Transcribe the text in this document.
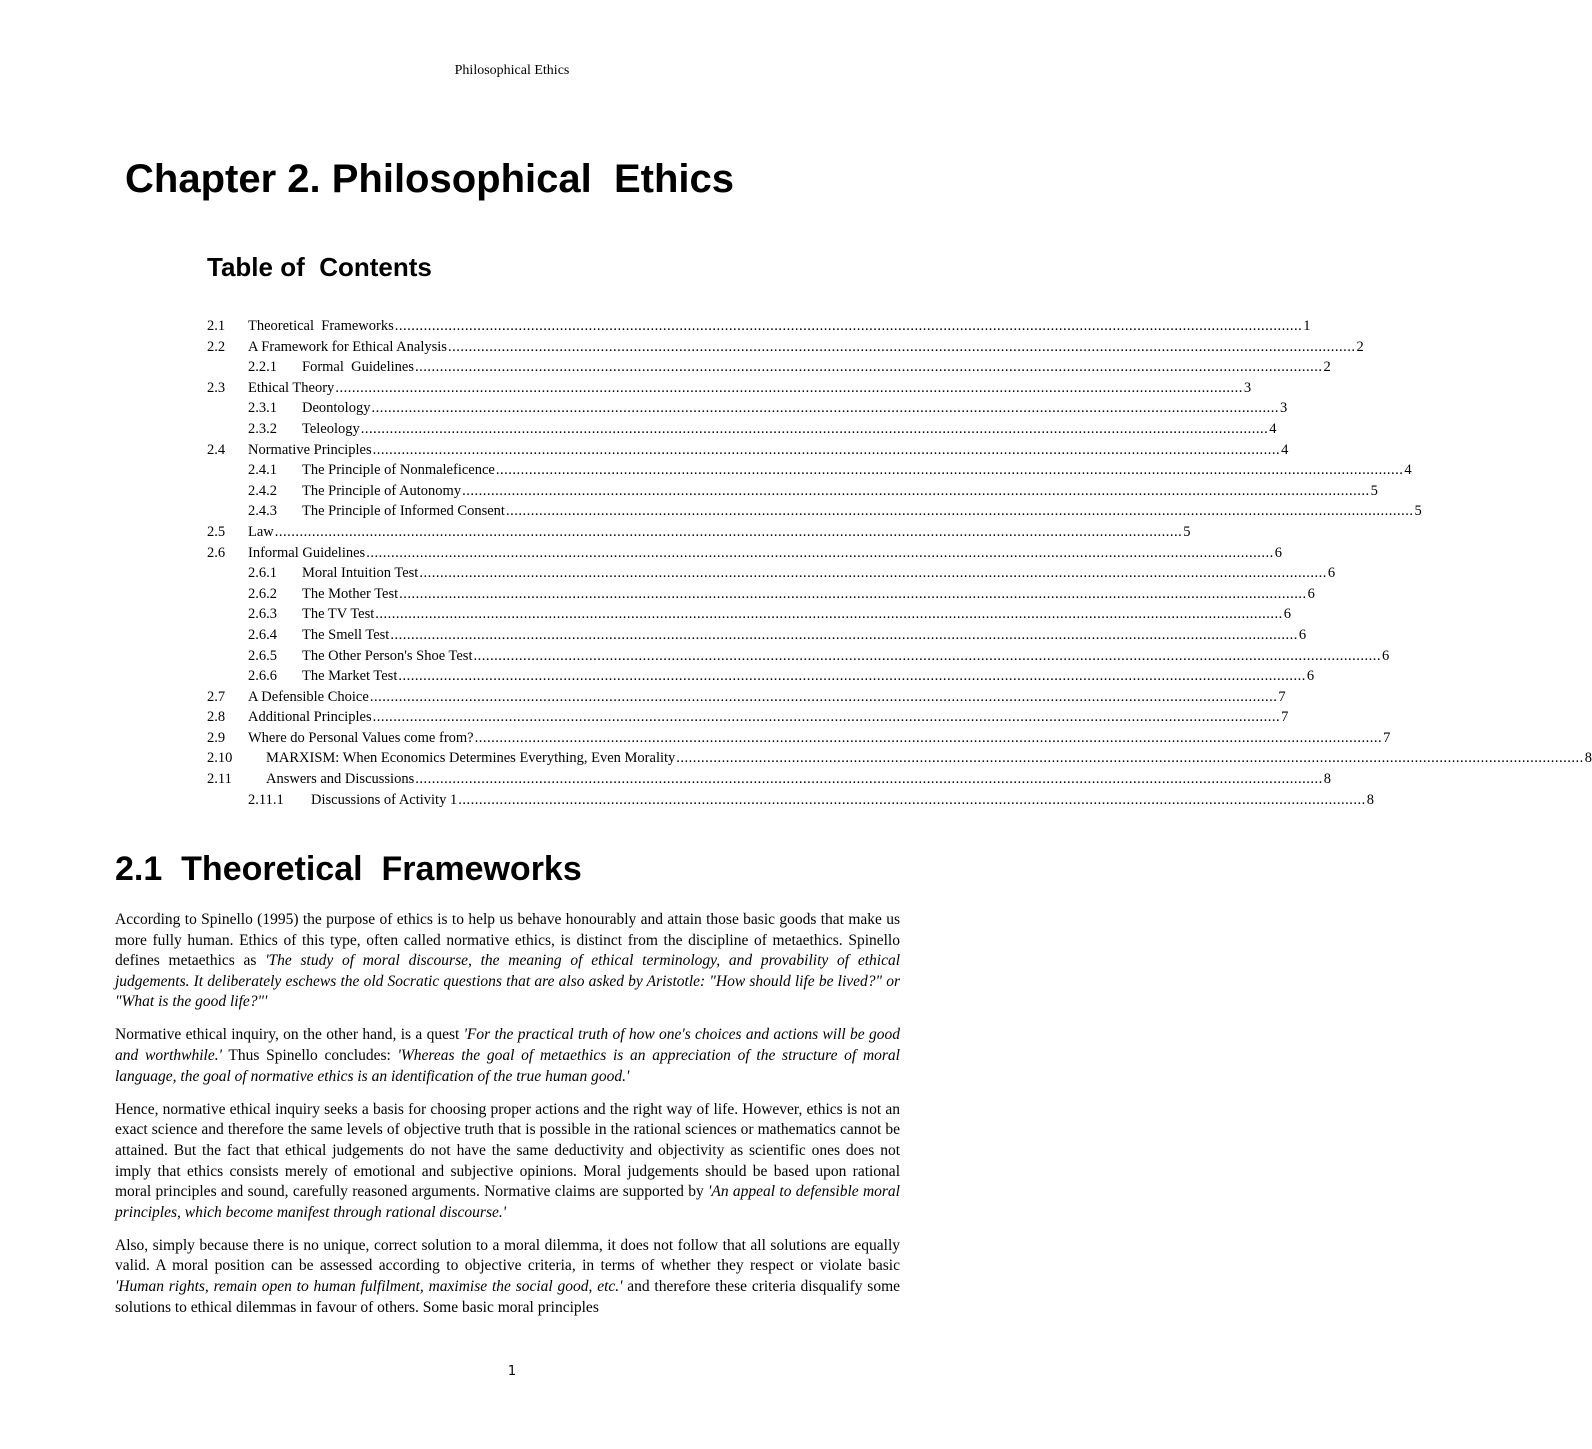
Philosophical Ethics
Chapter 2. Philosophical  Ethics
Table of  Contents
2.1	Theoretical  Frameworks ............................................................................................................................................................................................................................ 1
2.2	A Framework for Ethical Analysis ............................................................................................................................................................................................................................ 2
2.2.1	Formal  Guidelines ............................................................................................................................................................................................................................ 2
2.3	Ethical Theory ............................................................................................................................................................................................................................ 3
2.3.1	Deontology ............................................................................................................................................................................................................................ 3
2.3.2	Teleology ............................................................................................................................................................................................................................ 4
2.4	Normative Principles ............................................................................................................................................................................................................................ 4
2.4.1	The Principle of Nonmaleficence ............................................................................................................................................................................................................................ 4
2.4.2	The Principle of Autonomy ............................................................................................................................................................................................................................ 5
2.4.3	The Principle of Informed Consent ............................................................................................................................................................................................................................ 5
2.5	Law ............................................................................................................................................................................................................................ 5
2.6	Informal Guidelines ............................................................................................................................................................................................................................ 6
2.6.1	Moral Intuition Test ............................................................................................................................................................................................................................ 6
2.6.2	The Mother Test ............................................................................................................................................................................................................................ 6
2.6.3	The TV Test ............................................................................................................................................................................................................................ 6
2.6.4	The Smell Test ............................................................................................................................................................................................................................ 6
2.6.5	The Other Person's Shoe Test ............................................................................................................................................................................................................................ 6
2.6.6	The Market Test ............................................................................................................................................................................................................................ 6
2.7	A Defensible Choice ............................................................................................................................................................................................................................ 7
2.8	Additional Principles ............................................................................................................................................................................................................................ 7
2.9	Where do Personal Values come from? ............................................................................................................................................................................................................................ 7
2.10	MARXISM: When Economics Determines Everything, Even Morality ............................................................................................................................................................................................................................ 8
2.11	Answers and Discussions ............................................................................................................................................................................................................................ 8
2.11.1	Discussions of Activity 1 ............................................................................................................................................................................................................................ 8
2.1  Theoretical  Frameworks

According to Spinello (1995) the purpose of ethics is to help us behave honourably and attain those basic goods that make us more fully human. Ethics of this type, often called normative ethics, is distinct from the discipline of metaethics. Spinello defines metaethics as 'The study of moral discourse, the meaning of ethical terminology, and provability of ethical judgements. It deliberately eschews the old Socratic questions that are also asked by Aristotle: "How should life be lived?" or "What is the good life?"'

Normative ethical inquiry, on the other hand, is a quest 'For the practical truth of how one's choices and actions will be good and worthwhile.' Thus Spinello concludes: 'Whereas the goal of metaethics is an appreciation of the structure of moral language, the goal of normative ethics is an identification of the true human good.'

Hence, normative ethical inquiry seeks a basis for choosing proper actions and the right way of life. However, ethics is not an exact science and therefore the same levels of objective truth that is possible in the rational sciences or mathematics cannot be attained. But the fact that ethical judgements do not have the same deductivity and objectivity as scientific ones does not imply that ethics consists merely of emotional and subjective opinions. Moral judgements should be based upon rational moral principles and sound, carefully reasoned arguments. Normative claims are supported by 'An appeal to defensible moral principles, which become manifest through rational discourse.'

Also, simply because there is no unique, correct solution to a moral dilemma, it does not follow that all solutions are equally valid. A moral position can be assessed according to objective criteria, in terms of whether they respect or violate basic 'Human rights, remain open to human fulfilment, maximise the social good, etc.' and therefore these criteria disqualify some solutions to ethical dilemmas in favour of others. Some basic moral principles

1
